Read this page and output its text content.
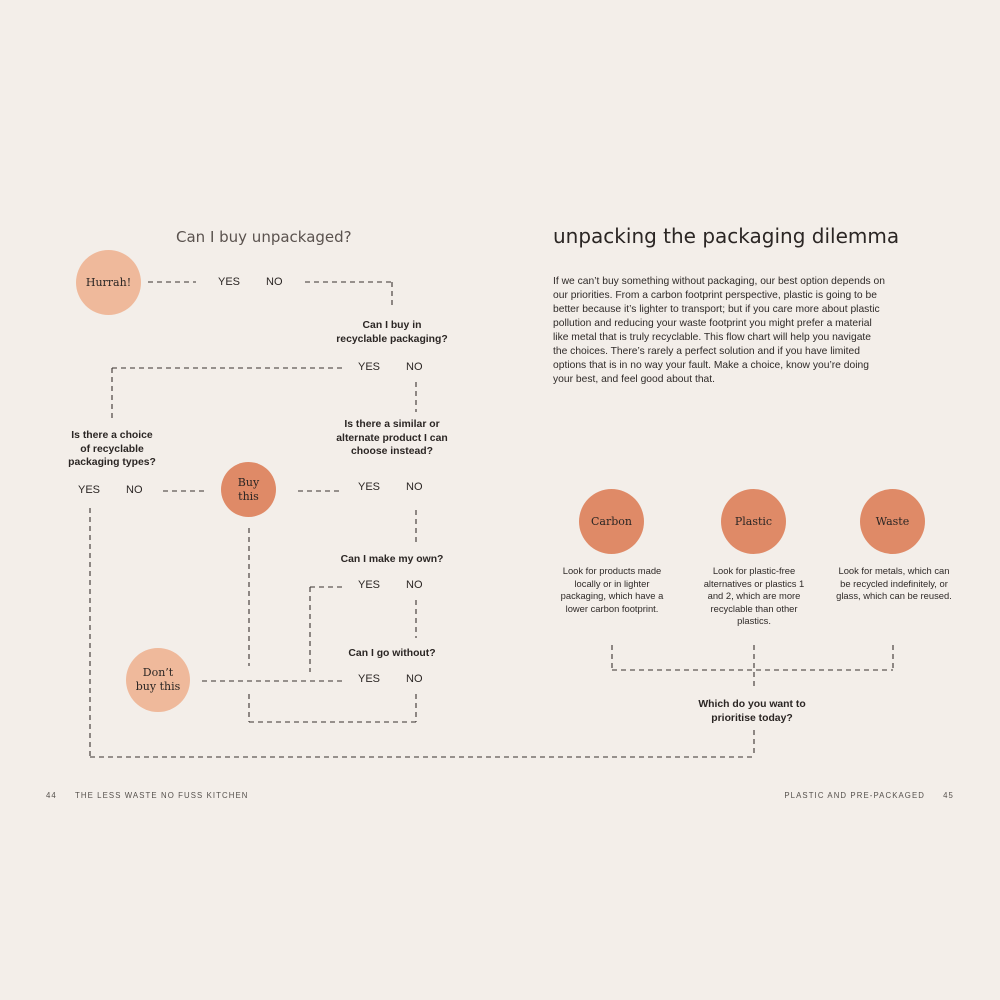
Can I buy unpackaged?
Hurrah!	YES NO
Can I buy in
recyclable packaging?
YES NO
Is there a choice
of recyclable
packaging types?
YES NO
Is there a similar or
alternate product I can
choose instead?
YES NO
Buy
this
Can I make my own?
YES NO
Can I go without?
YES NO
Don’t
buy this
unpacking the packaging dilemma

If we can’t buy something without packaging, our best option depends on our priorities. From a carbon footprint perspective, plastic is going to be better because it’s lighter to transport; but if you care more about plastic pollution and reducing your waste footprint you might prefer a material like metal that is truly recyclable. This flow chart will help you navigate the choices. There’s rarely a perfect solution and if you have limited options that is in no way your fault. Make a choice, know you’re doing your best, and feel good about that.

Carbon	Plastic	Waste
Look for products made locally or in lighter packaging, which have a lower carbon footprint.
Look for plastic-free alternatives or plastics 1 and 2, which are more recyclable than other plastics.
Look for metals, which can be recycled indefinitely, or glass, which can be reused.
Which do you want to
prioritise today?
44 THE LESS WASTE NO FUSS KITCHEN	PLASTIC AND PRE-PACKAGED 45
